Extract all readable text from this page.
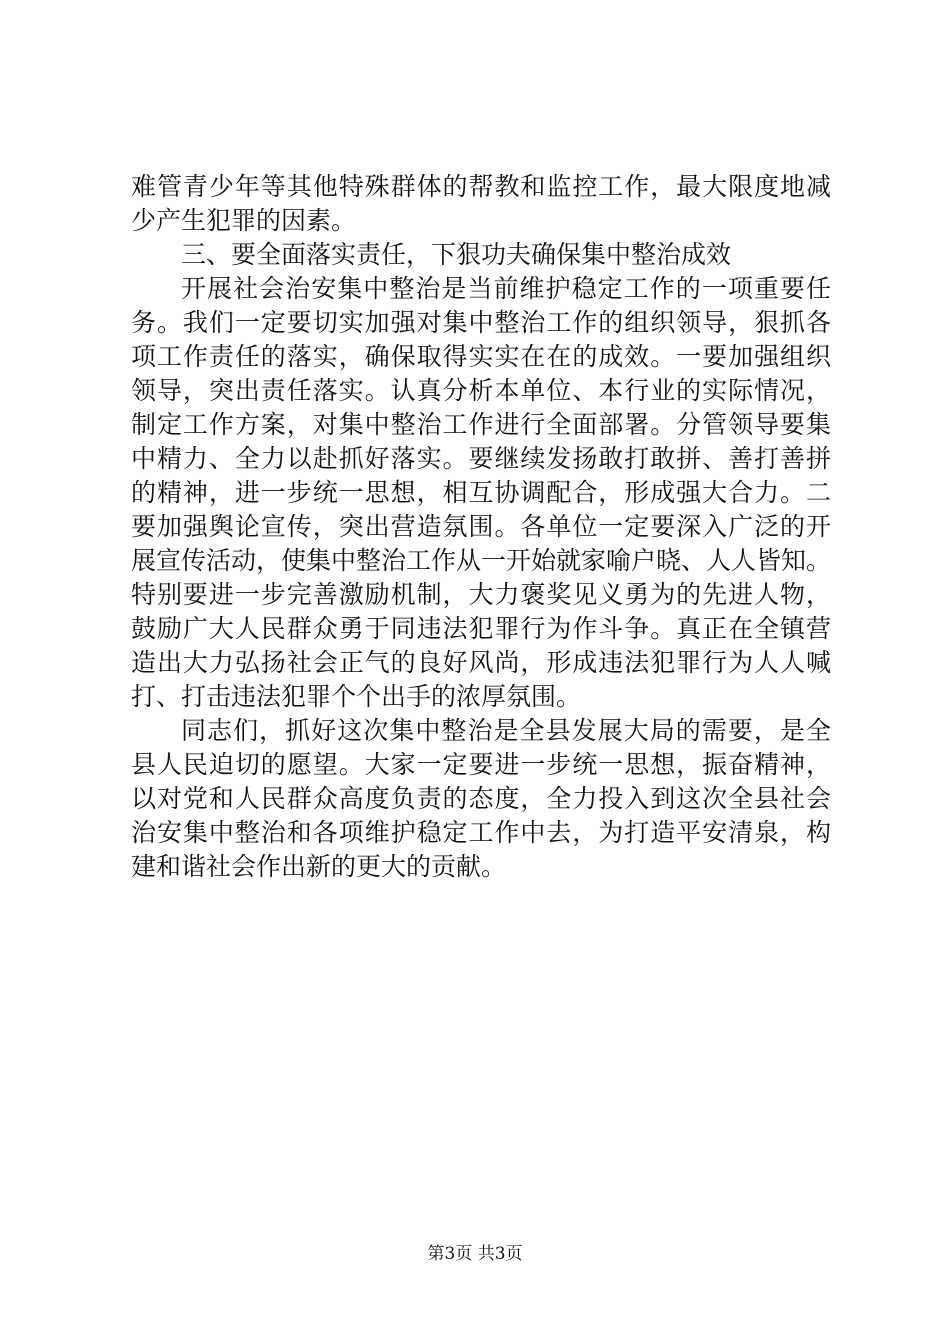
难管青少年等其他特殊群体的帮教和监控工作，最大限度地减
少产生犯罪的因素。
三、要全面落实责任，下狠功夫确保集中整治成效
开展社会治安集中整治是当前维护稳定工作的一项重要任
务。我们一定要切实加强对集中整治工作的组织领导，狠抓各
项工作责任的落实，确保取得实实在在的成效。一要加强组织
领导，突出责任落实。认真分析本单位、本行业的实际情况，
制定工作方案，对集中整治工作进行全面部署。分管领导要集
中精力、全力以赴抓好落实。要继续发扬敢打敢拼、善打善拼
的精神，进一步统一思想，相互协调配合，形成强大合力。二
要加强舆论宣传，突出营造氛围。各单位一定要深入广泛的开
展宣传活动，使集中整治工作从一开始就家喻户晓、人人皆知。
特别要进一步完善激励机制，大力褒奖见义勇为的先进人物，
鼓励广大人民群众勇于同违法犯罪行为作斗争。真正在全镇营
造出大力弘扬社会正气的良好风尚，形成违法犯罪行为人人喊
打、打击违法犯罪个个出手的浓厚氛围。
同志们，抓好这次集中整治是全县发展大局的需要，是全
县人民迫切的愿望。大家一定要进一步统一思想，振奋精神，
以对党和人民群众高度负责的态度，全力投入到这次全县社会
治安集中整治和各项维护稳定工作中去，为打造平安清泉，构
建和谐社会作出新的更大的贡献。
第3页 共3页
